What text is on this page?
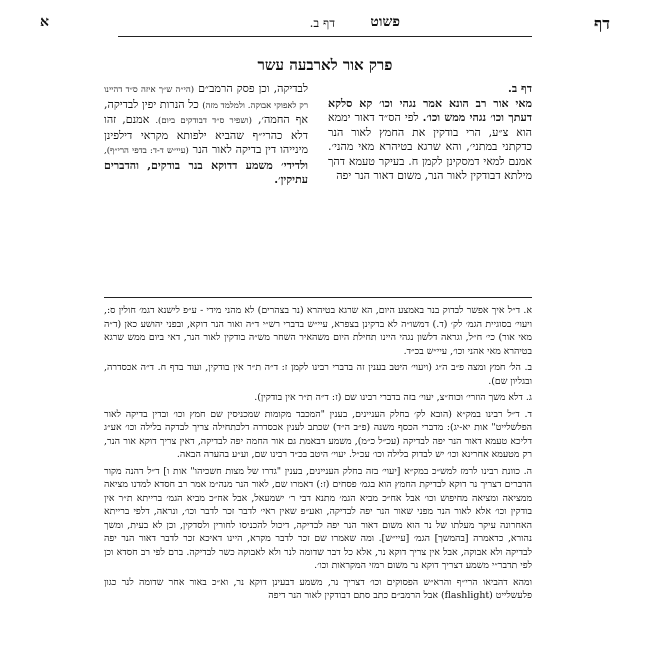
דף
פשוט
דף ב.
א
פרק אור לארבעה עשר

דף ב.

מאי אור רב הונא אמר נגהי וכו׳ קא סלקא דעתך וכו׳ נגהי ממש וכו׳. לפי הס״ד דאור יממא הוא צ״ע, הרי בודקין את החמץ לאור הנר כדקתני במתני׳, והא שרגא בטיהרא מאי מהני׳. אמנם למאי דמסקינן לקמן ח. בעיקר טעמא דהך מילתא דבודקין לאור הנר, משום דאור הנר יפה

לבדיקה, וכן פסק הרמב״ם (הי״ה ש״ך איזה ס״ד דהיינו רק לאפוקי אבוקה. ולמלמד מזה) כל הנרות יפין לבדיקה, אף החמה׳, (ושפיר ס״ד דבודקים ביום). אמנם, זהו דלא כהרי״ף שהביא ילפותא מקראי דילפינן מינייהו דין בדיקה לאור הנר (עיי״ש ד-ד: בדפי הרי״ף), ולדידי׳ משמע דדוקא בנר בודקים, והדברים עתיקין׳.

א. ד״ל איך אפשר לבדוק בנר באמצע היום, הא שרגא בטיהרא (נר בצהרים) לא מהני מידי - ע״פ לישנא דגמ׳ חולין ס:, ויעוי׳ בסוגיית הגמ׳ לק׳ (ד.) דמשו״ה לא בדקינן בצפרא, עיי״ש בדברי רש״י ד״ה ואור הנר דוקא, ובפני יהושע כאן (ד״ה מאי אור) כי׳ ח״ל, וגראה דלשון נגהי היינו תחילת היום משהאיר השחר מש״ה בודקין לאור הנר, דאי ביום ממש שרגא בטיהרא מאי אהני וכו׳, עיי״ש בכ״ד.

ב. הל׳ חמץ ומצה פ״ב ה״ג (ויעוי׳ היטב בענין זה בדברי רבינו לקמן ז: ד״ה ת״ר אין בודקין, ועוד בדף ח. ד״ה אכסדרה, ובגליון שם).

ג. דלא משך הוזרי׳ וכוח״צ, יעוי׳ בזה בדברי רבינו שם (ז: ד״ה ת״ר אין בודקין).

ד. ד״ל רבינו במק״א (הובא לק׳ בחלק העניינים, בענין "המכבד מקומות שמכניסין שם חמץ וכו׳ ובדין בדיקה לאור הפלשלייט" אות יא-יג): מדברי הכסף משנה (פ״ב ה״ד) שכתב לענין אכסדרה דלכתחילה צריך לבדקה בלילה וכו׳ אע״ג דליכא טעמא דאור הנר יפה לבדיקה (עכ״ל כ״מ), משמע דבאמת גם אור החמה יפה לבדיקה, דאין צריך דוקא אור הנר, רק מטעמא אחרינא וכו׳ יש לבדוק בלילה וכו׳ עכ״ל. יעוי׳ היטב בכ״ד רבינו שם, וע״ע בהערה הבאה.

ה. כוונת רבינו לרמז למש״כ במק״א [יעוי׳ בזה בחלק העניינים, בענין "גדרו של מצות חשכיהו" אות ו] ד״ל דהנה מקור הדברים דצריך נר דוקא לבדיקת החמץ הוא בגמ׳ פסחים (ז:) דאמרו שם, לאור הנר מנה״מ אמר רב חסדא למדנו מציאה ממציאה ומציאה מחיפוש וכו׳ אבל אח״כ מביא הגמ׳ מתנא דבי ר׳ ישמעאל, אבל אח״כ מביא הגמ׳ ברייתא ת״ר אין בודקין וכו׳ אלא לאור הנר מפני שאור הנר יפה לבדיקה, ואע״פ שאין ראי׳ לדבר זכר לדבר וכו׳, ונראה, דלפי ברייתא האחרונה עיקר מעלתו של נר הוא משום דאור הנר יפה לבדיקה, דיכול להכניסו לחורין ולסדקין, וכן לא בעית, ומשך נהורא, כדאמרה [בהמשך] הגמ׳ [עיי״ש]. ומה שאמרו שם זכר לדבר מקרא, היינו דאיכא זכר לדבר דאור הנר יפה לבדיקה ולא אבוקה, אבל אין צריך דוקא נר, אלא כל דבר שדומה לנר ולא לאבוקה כשר לבדיקה. ברם לפי רב חסדא וכן לפי תדבר״י משמע דצריך דוקא נר משום רמזי המקראות וכו׳.

ומהא דהביאו הרי״ף והרא״ש הפסוקים וכו׳ דצריך נר, משמע דבעינן דוקא נר, וא״כ באור אחר שדומה לנר כגון פלעשלייט (flashlight) אבל הרמב״ם כתב סתם דבודקין לאור הנר דיפה
